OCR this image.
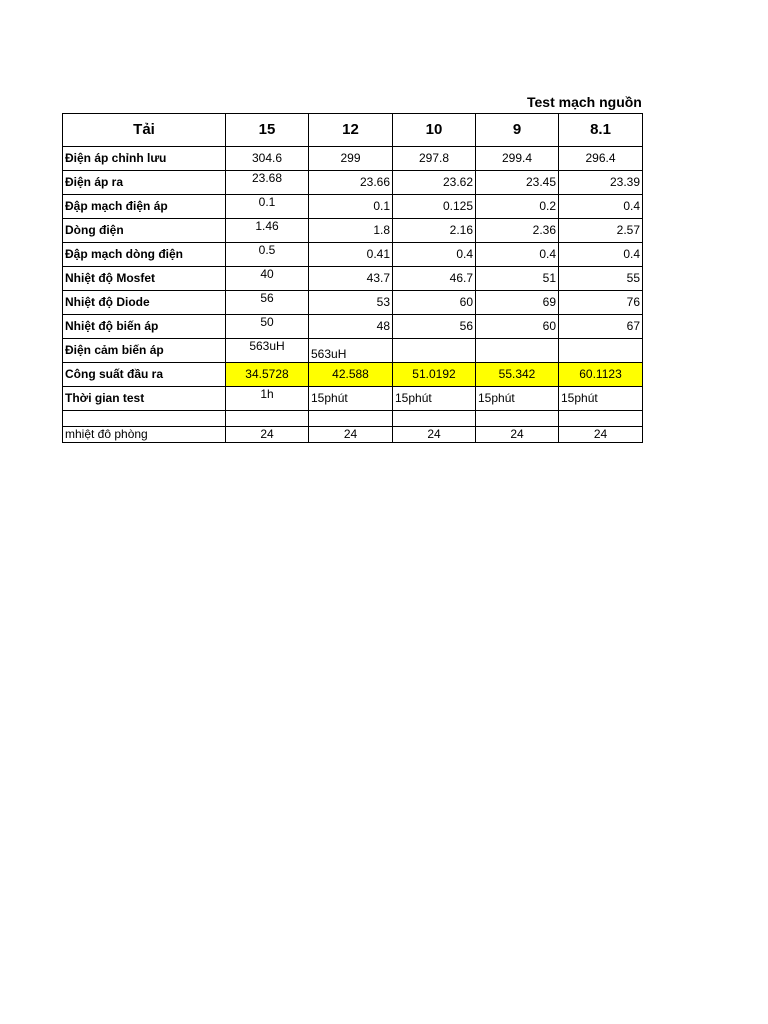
Test mạch nguồn
Tải	15	12	10	9	8.1
Điện áp chỉnh lưu	304.6	299	297.8	299.4	296.4
Điện áp ra	23.68	23.66	23.62	23.45	23.39
Đập mạch điện áp	0.1	0.1	0.125	0.2	0.4
Dòng điện	1.46	1.8	2.16	2.36	2.57
Đập mạch dòng điện	0.5	0.41	0.4	0.4	0.4
Nhiệt độ Mosfet	40	43.7	46.7	51	55
Nhiệt độ Diode	56	53	60	69	76
Nhiệt độ biến áp	50	48	56	60	67
Điện cảm biến áp	563uH	563uH			
Công suất đầu ra	34.5728	42.588	51.0192	55.342	60.1123
Thời gian test	1h	15phút	15phút	15phút	15phút

mhiệt đô phòng	24	24	24	24	24
